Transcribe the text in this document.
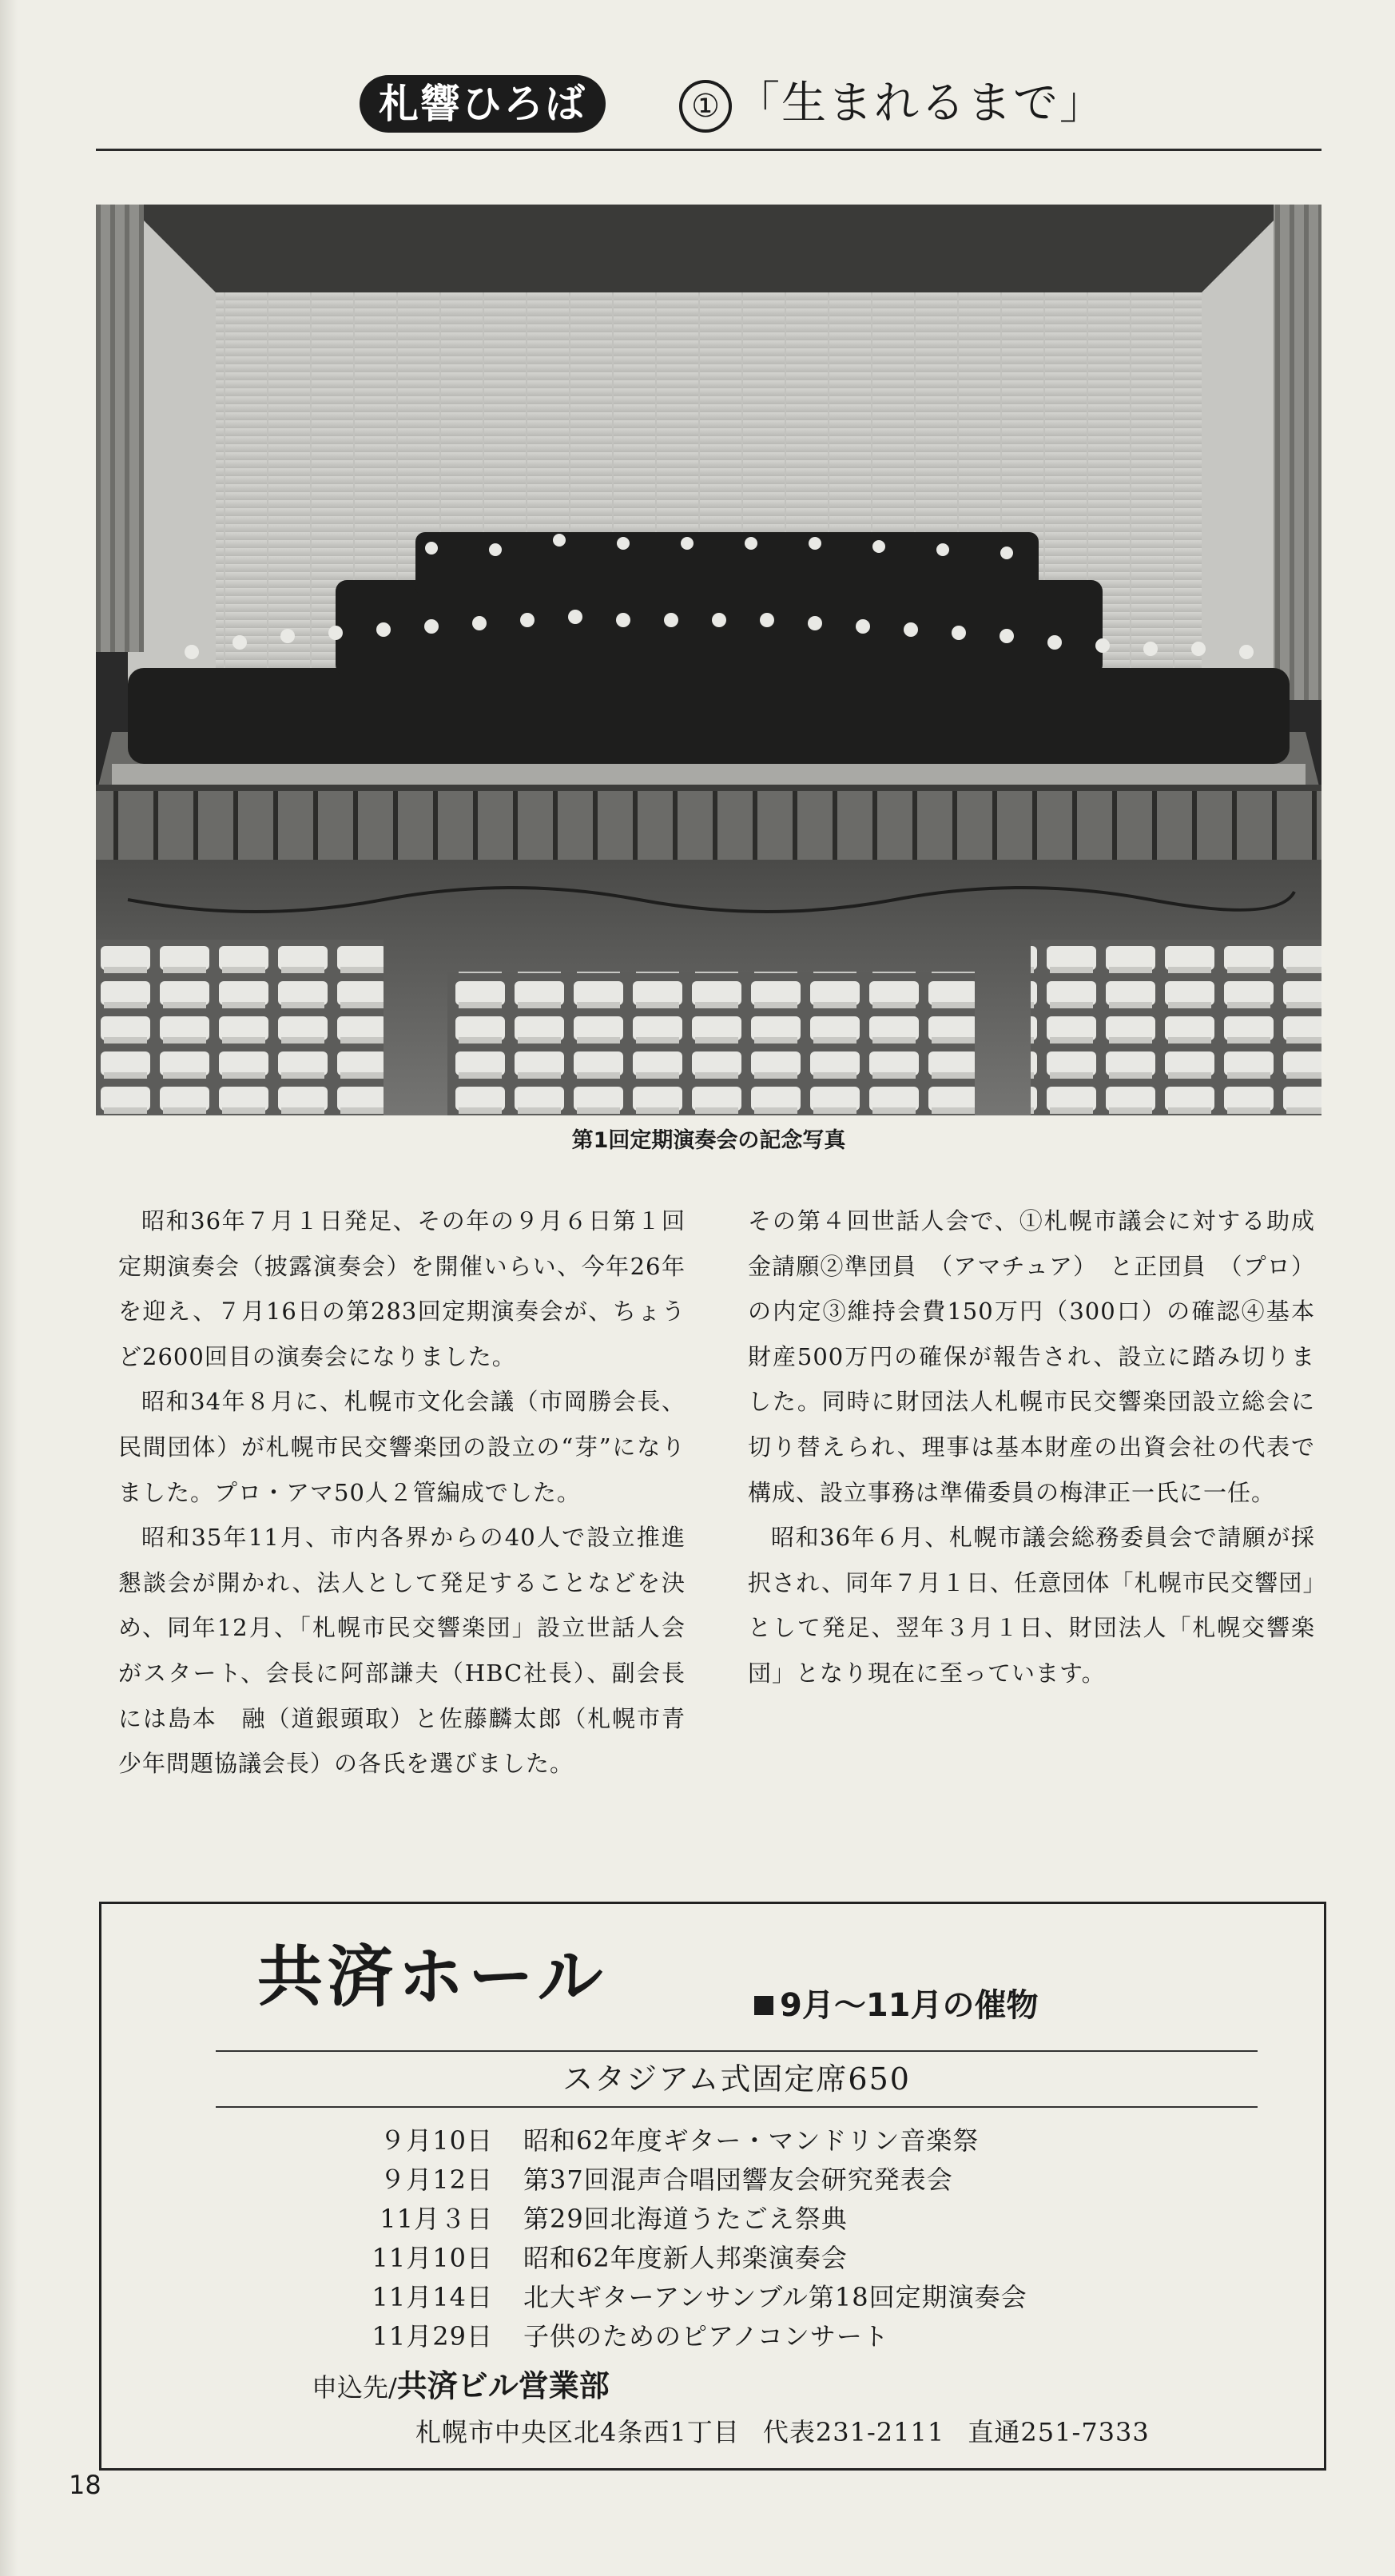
札響ひろば	① 「生まれるまで」
第1回定期演奏会の記念写真

昭和36年７月１日発足、その年の９月６日第１回定期演奏会（披露演奏会）を開催いらい、今年26年を迎え、７月16日の第283回定期演奏会が、ちょうど2600回目の演奏会になりました。

昭和34年８月に、札幌市文化会議（市岡勝会長、民間団体）が札幌市民交響楽団の設立の“芽”になりました。プロ・アマ50人２管編成でした。

昭和35年11月、市内各界からの40人で設立推進懇談会が開かれ、法人として発足することなどを決め、同年12月、「札幌市民交響楽団」設立世話人会がスタート、会長に阿部謙夫（HBC社長）、副会長には島本　融（道銀頭取）と佐藤麟太郎（札幌市青少年問題協議会長）の各氏を選びました。

その第４回世話人会で、①札幌市議会に対する助成金請願②準団員　（アマチュア）　と正団員　（プロ）の内定③維持会費150万円（300口）の確認④基本財産500万円の確保が報告され、設立に踏み切りました。同時に財団法人札幌市民交響楽団設立総会に切り替えられ、理事は基本財産の出資会社の代表で構成、設立事務は準備委員の梅津正一氏に一任。

昭和36年６月、札幌市議会総務委員会で請願が採択され、同年７月１日、任意団体「札幌市民交響団」として発足、翌年３月１日、財団法人「札幌交響楽団」となり現在に至っています。

共済ホール	9月～11月の催物
スタジアム式固定席650
９月10日 昭和62年度ギター・マンドリン音楽祭
９月12日 第37回混声合唱団響友会研究発表会
11月３日 第29回北海道うたごえ祭典
11月10日 昭和62年度新人邦楽演奏会
11月14日 北大ギターアンサンブル第18回定期演奏会
11月29日 子供のためのピアノコンサート
申込先/共済ビル営業部
札幌市中央区北4条西1丁目 代表231-2111 直通251-7333
18
